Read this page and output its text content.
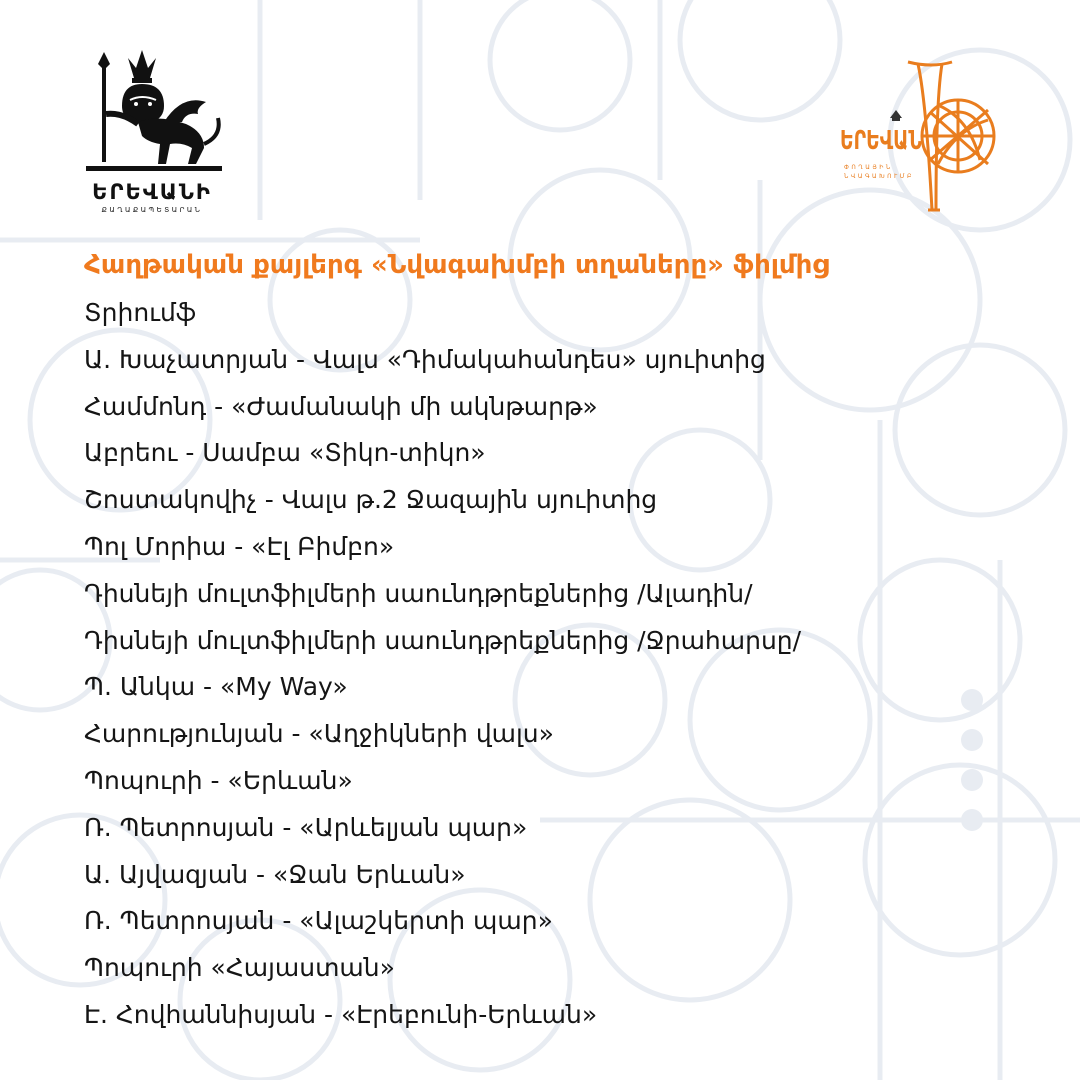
ԵՐԵՎԱՆԻ
ՔԱՂԱՔԱՊԵՏԱՐԱՆ
ԵՐԵՎԱՆ
ՓՈՂԱՅԻՆ
ՆՎԱԳԱԽՈՒՄԲ
Հաղթական քայլերգ «Նվագախմբի տղաները» ֆիլմից
Տրիումֆ
Ա. Խաչատրյան - Վալս «Դիմակահանդես» սյուիտից
Համմոնդ - «Ժամանակի մի ակնթարթ»
Աբրեու - Սամբա «Տիկո-տիկո»
Շոստակովիչ - Վալս թ.2 Ջազային սյուիտից
Պոլ Մորիա - «Էլ Բիմբո»
Դիսնեյի մուլտֆիլմերի սաունդթրեքներից /Ալադին/
Դիսնեյի մուլտֆիլմերի սաունդթրեքներից /Ջրահարսը/
Պ. Անկա - «My Way»
Հարությունյան - «Աղջիկների վալս»
Պոպուրի - «Երևան»
Ռ. Պետրոսյան - «Արևելյան պար»
Ա. Այվազյան - «Ջան Երևան»
Ռ. Պետրոսյան - «Ալաշկերտի պար»
Պոպուրի «Հայաստան»
Է. Հովհաննիսյան - «Էրեբունի-Երևան»
